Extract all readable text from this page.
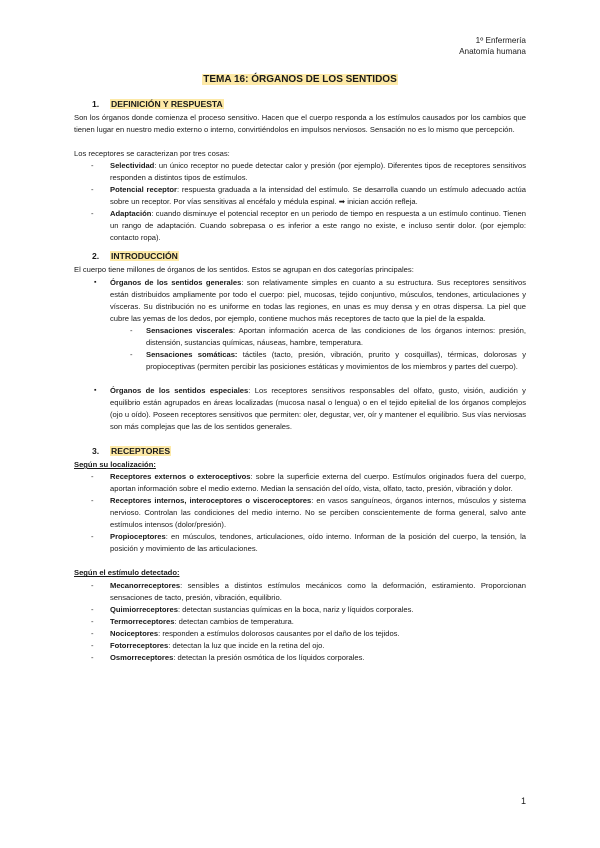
1º Enfermería
Anatomía humana
TEMA 16: ÓRGANOS DE LOS SENTIDOS
1. DEFINICIÓN Y RESPUESTA

Son los órganos donde comienza el proceso sensitivo. Hacen que el cuerpo responda a los estímulos causados por los cambios que tienen lugar en nuestro medio externo o interno, convirtiéndolos en impulsos nerviosos. Sensación no es lo mismo que percepción.

Los receptores se caracterizan por tres cosas:

- Selectividad: un único receptor no puede detectar calor y presión (por ejemplo). Diferentes tipos de receptores sensitivos responden a distintos tipos de estímulos.
- Potencial receptor: respuesta graduada a la intensidad del estímulo. Se desarrolla cuando un estímulo adecuado actúa sobre un receptor. Por vías sensitivas al encéfalo y médula espinal. ➡ inician acción refleja.
- Adaptación: cuando disminuye el potencial receptor en un periodo de tiempo en respuesta a un estímulo continuo. Tienen un rango de adaptación. Cuando sobrepasa o es inferior a este rango no existe, e incluso sentir dolor. (por ejemplo: contacto ropa).
2. INTRODUCCIÓN

El cuerpo tiene millones de órganos de los sentidos. Estos se agrupan en dos categorías principales:

▪ Órganos de los sentidos generales: son relativamente simples en cuanto a su estructura. Sus receptores sensitivos están distribuidos ampliamente por todo el cuerpo: piel, mucosas, tejido conjuntivo, músculos, tendones, articulaciones y vísceras. Su distribución no es uniforme en todas las regiones, en unas es muy densa y en otras dispersa. La piel que cubre las yemas de los dedos, por ejemplo, contiene muchos más receptores de tacto que la piel de la espalda.
- Sensaciones viscerales: Aportan información acerca de las condiciones de los órganos internos: presión, distensión, sustancias químicas, náuseas, hambre, temperatura.
- Sensaciones somáticas: táctiles (tacto, presión, vibración, prurito y cosquillas), térmicas, dolorosas y propioceptivas (permiten percibir las posiciones estáticas y movimientos de los miembros y partes del cuerpo).
▪ Órganos de los sentidos especiales: Los receptores sensitivos responsables del olfato, gusto, visión, audición y equilibrio están agrupados en áreas localizadas (mucosa nasal o lengua) o en el tejido epitelial de los órganos complejos (ojo u oído). Poseen receptores sensitivos que permiten: oler, degustar, ver, oír y mantener el equilibrio. Sus vías nerviosas son más complejas que las de los sentidos generales.
3. RECEPTORES
Según su localización:
- Receptores externos o exteroceptivos: sobre la superficie externa del cuerpo. Estímulos originados fuera del cuerpo, aportan información sobre el medio externo. Median la sensación del oído, vista, olfato, tacto, presión, vibración y dolor.
- Receptores internos, interoceptores o visceroceptores: en vasos sanguíneos, órganos internos, músculos y sistema nervioso. Controlan las condiciones del medio interno. No se perciben conscientemente de forma general, salvo ante estímulos intensos (dolor/presión).
- Propioceptores: en músculos, tendones, articulaciones, oído interno. Informan de la posición del cuerpo, la tensión, la posición y movimiento de las articulaciones.
Según el estímulo detectado:
- Mecanorreceptores: sensibles a distintos estímulos mecánicos como la deformación, estiramiento. Proporcionan sensaciones de tacto, presión, vibración, equilibrio.
- Quimiorreceptores: detectan sustancias químicas en la boca, nariz y líquidos corporales.
- Termorreceptores: detectan cambios de temperatura.
- Nociceptores: responden a estímulos dolorosos causantes por el daño de los tejidos.
- Fotorreceptores: detectan la luz que incide en la retina del ojo.
- Osmorreceptores: detectan la presión osmótica de los líquidos corporales.
1
